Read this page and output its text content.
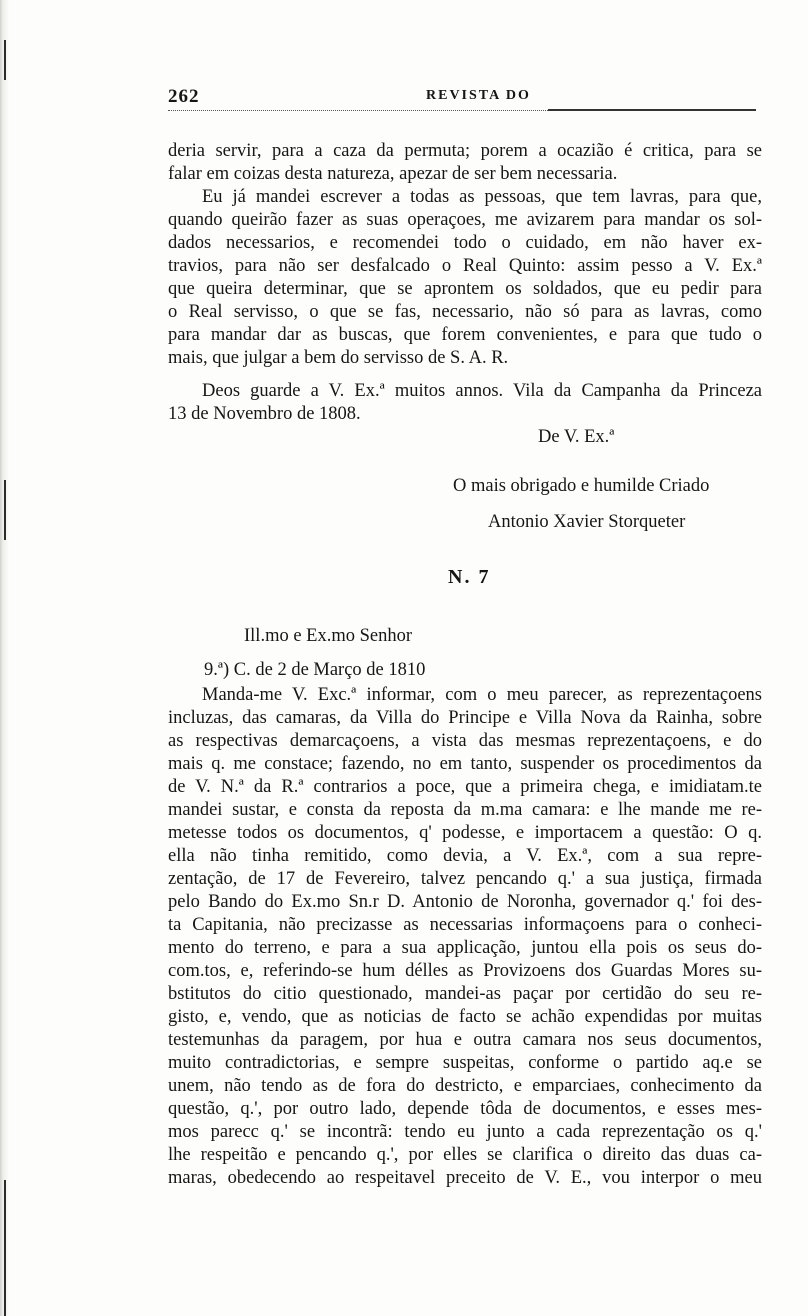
262	REVISTA DO
deria servir, para a caza da permuta; porem a ocazião é critica, para se
falar em coizas desta natureza, apezar de ser bem necessaria.
Eu já mandei escrever a todas as pessoas, que tem lavras, para que,
quando queirão fazer as suas operaçoes, me avizarem para mandar os sol-
dados necessarios, e recomendei todo o cuidado, em não haver ex-
travios, para não ser desfalcado o Real Quinto: assim pesso a V. Ex.ª
que queira determinar, que se aprontem os soldados, que eu pedir para
o Real servisso, o que se fas, necessario, não só para as lavras, como
para mandar dar as buscas, que forem convenientes, e para que tudo o
mais, que julgar a bem do servisso de S. A. R.
Deos guarde a V. Ex.ª muitos annos. Vila da Campanha da Princeza
13 de Novembro de 1808.
De V. Ex.ª
O mais obrigado e humilde Criado
Antonio Xavier Storqueter
N. 7
Ill.mo e Ex.mo Senhor
9.ª) C. de 2 de Março de 1810
Manda-me V. Exc.ª informar, com o meu parecer, as reprezentaçoens
incluzas, das camaras, da Villa do Principe e Villa Nova da Rainha, sobre
as respectivas demarcaçoens, a vista das mesmas reprezentaçoens, e do
mais q. me constace; fazendo, no em tanto, suspender os procedimentos da
de V. N.ª da R.ª contrarios a poce, que a primeira chega, e imidiatam.te
mandei sustar, e consta da reposta da m.ma camara: e lhe mande me re-
metesse todos os documentos, q' podesse, e importacem a questão: O q.
ella não tinha remitido, como devia, a V. Ex.ª, com a sua repre-
zentação, de 17 de Fevereiro, talvez pencando q.' a sua justiça, firmada
pelo Bando do Ex.mo Sn.r D. Antonio de Noronha, governador q.' foi des-
ta Capitania, não precizasse as necessarias informaçoens para o conheci-
mento do terreno, e para a sua applicação, juntou ella pois os seus do-
com.tos, e, referindo-se hum délles as Provizoens dos Guardas Mores su-
bstitutos do citio questionado, mandei-as paçar por certidão do seu re-
gisto, e, vendo, que as noticias de facto se achão expendidas por muitas
testemunhas da paragem, por hua e outra camara nos seus documentos,
muito contradictorias, e sempre suspeitas, conforme o partido aq.e se
unem, não tendo as de fora do destricto, e emparciaes, conhecimento da
questão, q.', por outro lado, depende tôda de documentos, e esses mes-
mos parecc q.' se incontrã: tendo eu junto a cada reprezentação os q.'
lhe respeitão e pencando q.', por elles se clarifica o direito das duas ca-
maras, obedecendo ao respeitavel preceito de V. E., vou interpor o meu
